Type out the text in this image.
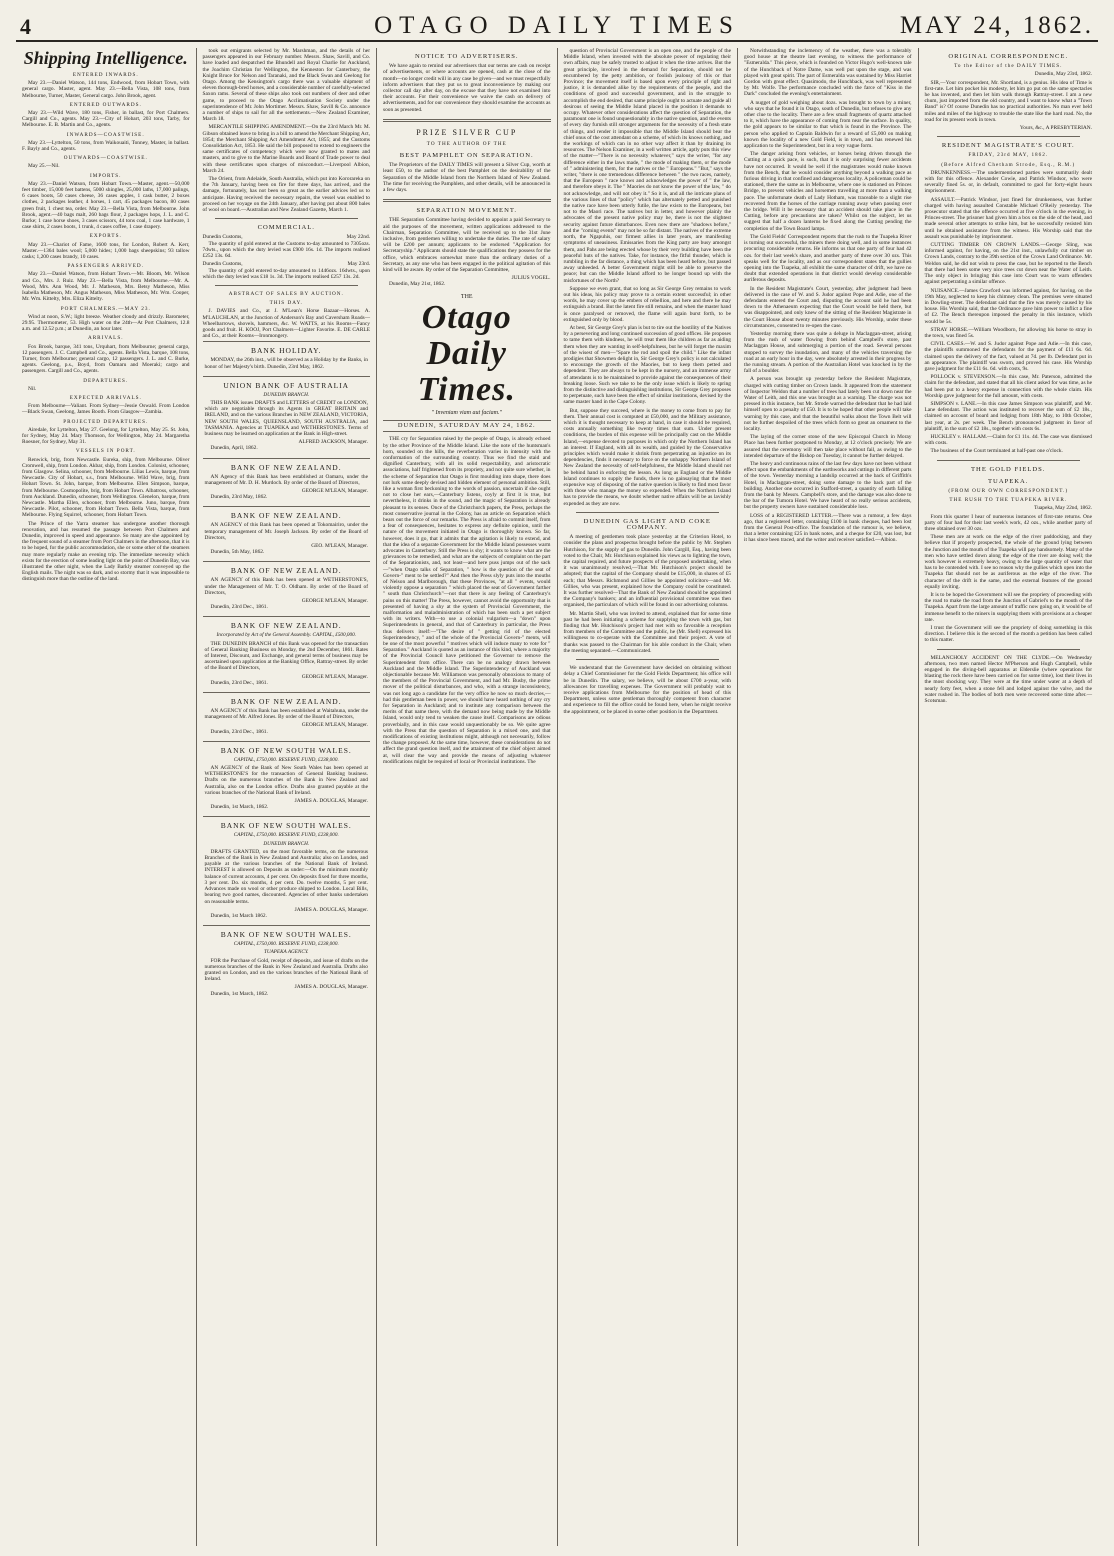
4	OTAGO DAILY TIMES	MAY 24, 1862.
Shipping Intelligence.
ENTERED INWARDS.

May 23.—Daniel Watson, 144 tons, Endwood, from Hobart Town, with general cargo. Master, agent. May 23.—Bella Vista, 108 tons, from Melbourne, Turner, Master, General cargo. John Brook, agent.

ENTERED OUTWARDS.

May 23.—Wild Wave, 180 tons, Fisher, in ballast, for Port Chalmers. Cargill and Co., agents. May 23.—City of Hobart, 203 tons, Tarby, for Melbourne. E. B. Martin and Co., agents.

INWARDS—COASTWISE.

May 23.—Lyttelton, 50 tons, from Waikouaiti, Tonney, Master, in ballast. F. Bayly and Co., agents.

OUTWARDS—COASTWISE.

May 25.—Nil.

IMPORTS.

May 23.—Daniel Watson, from Hobart Town.—Master, agent.—50,000 feet timber, 15,000 feet battens, 5000 shingles, 25,000 laths, 17,000 palings, 6 cases boots, 50 cases cheese, 36 cases apples, 1 cask butter, 2 boxes clothes, 2 packages leather, 4 horses, 1 cart, 45 packages bacon, 80 cases green fruit, 1 chest tea, order. May 23.—Bella Vista, from Melbourne. John Brook, agent.—40 bags malt, 260 bags flour, 2 packages hops, J. L. and C. Burke; 1 case horse shoes, 3 cases scissors, 44 tons coal, 1 case hardware, 1 case shirts, 2 cases boots, 1 trunk, 4 cases coffee, 1 case drapery.

EXPORTS.

May 23.—Chariot of Fame, 1600 tons, for London, Robert A. Kerr, Master.—1364 bales wool; 5,000 hides; 1,000 bags sheepskins; 93 tallow casks; 1,200 cases brandy, 10 cases.

PASSENGERS ARRIVED.

May 23.—Daniel Watson, from Hobart Town.—Mr. Bloom, Mr. Wilson and Co., Mrs. J. Ruiz. May 23.—Bella Vista, from Melbourne.—Mr. A. Wood, Mrs. Ann Wood, Mr. J. Matheson, Mrs. Betsy Matheson, Miss Isabella Matheson, Mr. Angus Matheson, Miss Matheson, Mr. Wm. Cooper, Mr. Wm. Kittelty, Mrs. Eliza Kittelty.

PORT CHALMERS.—MAY 23.

Wind at noon, S.W.; light breeze. Weather cloudy and drizzly. Barometer, 29.95. Thermometer, 53. High water on the 24th—At Port Chalmers, 12.8 a.m. and 12.52 p.m.; at Dunedin, an hour later.

ARRIVALS.

Fox Brook, barque, 341 tons, Urquhart, from Melbourne; general cargo, 12 passengers. J. C. Campbell and Co., agents. Bella Vista, barque, 108 tons, Turner, from Melbourne; general cargo, 12 passengers. J. L. and C. Burke, agents. Geelong, p.s., Boyd, from Oamaru and Moeraki; cargo and passengers. Cargill and Co., agents.

DEPARTURES.

Nil.

EXPECTED ARRIVALS.

From Melbourne—Valiant. From Sydney—Jessie Oswald. From London—Black Swan, Geelong, James Booth. From Glasgow—Zambia.

PROJECTED DEPARTURES.

Airedale, for Lyttelton, May 27. Geelong, for Lyttelton, May 25. St. John, for Sydney, May 24. Mary Thomson, for Wellington, May 24. Margaretha Roesner, for Sydney, May 31.

VESSELS IN PORT.

Renwick, brig, from Newcastle. Eureka, ship, from Melbourne. Oliver Cromwell, ship, from London. Akbar, ship, from London. Colonist, schooner, from Glasgow. Selina, schooner, from Melbourne. Lilias Lewis, barque, from Newcastle. City of Hobart, s.s., from Melbourne. Wild Wave, brig, from Hobart Town. St. John, barque, from Melbourne. Ellen Simpson, barque, from Melbourne. Cosmopolite, brig, from Hobart Town. Albatross, schooner, from Auckland. Dunedin, schooner, from Wellington. Glenelon, barque, from Newcastle. Martha Ellen, schooner, from Melbourne. Juno, barque, from Newcastle. Pilot, schooner, from Hobart Town. Bella Vista, barque, from Melbourne. Flying Squirrel, schooner, from Hobart Town.

The Prince of the Yarra steamer has undergone another thorough renovation, and has resumed the passage between Port Chalmers and Dunedin, improved in speed and appearance. So many are she appointed by the frequent sound of a steamer from Port Chalmers in the afternoon, that it is to be hoped, for the public accommodation, she or some other of the steamers may more regularly make an evening trip. The immediate necessity which exists for the erection of some leading light on the point of Dunedin Bay, was illustrated the other night, when the Lady Barkly steamer conveyed up the English mails. The night was so dark, and so stormy that it was impossible to distinguish more than the outline of the land.

took out emigrants selected by Mr. Marshman, and the details of her passengers appeared in our February number. Messrs. Shaw, Savill, and Co. have loaded and despatched the Bhundell and Royal Charlie for Auckland, the Joachim Christian for Wellington, the Kenneston for Canterbury, the Knight Bruce for Nelson and Taranaki, and the Black Swan and Geelong for Otago. Among the Kensington's cargo there was a valuable shipment of eleven thorough-bred horses, and a considerable number of carefully-selected Saxon rams. Several of these ships also took out numbers of deer and other game, to proceed to the Otago Acclimatisation Society under the superintendence of Mr. John Mortimer. Messrs. Shaw, Savill & Co. announce a number of ships to sail for all the settlements.—New Zealand Examiner, March 18.

MERCANTILE SHIPPING AMENDMENT.—On the 23rd March Mr. M. Gibson obtained leave to bring in a bill to amend the Merchant Shipping Act, 1854; the Merchant Shipping Act Amendment Act, 1855; and the Customs Consolidation Act, 1853. He said the bill proposed to extend to engineers the same certificates of competency which were now granted to mates and masters, and to give to the Marine Boards and Board of Trade power to deal with these certificates upon charges of misconduct.—Liverpool Albion, March 24.

The Orient, from Adelaide, South Australia, which put into Kororareka on the 7th January, having been on fire for three days, has arrived, and the damage, fortunately, has not been so great as the earlier advices led us to anticipate. Having received the necessary repairs, the vessel was enabled to proceed on her voyage on the 24th January, after having put about 800 bales of wool on board.—Australian and New Zealand Gazette, March 1.

COMMERCIAL.
Dunedin Customs,	May 22nd.

The quantity of gold entered at the Customs to-day amounted to 7305ozs. 7dwts., upon which the duty levied was £900 16s. 1d. The imports realised £252 13s. 6d.

Dunedin Customs,	May 23rd.

The quantity of gold entered to-day amounted to 1446ozs. 16dwts., upon which the duty levied was £18 1s. 3d. The imports realised £257 13s. 2d.

ABSTRACT OF SALES BY AUCTION.
THIS DAY.

J. DAVIES and Co., at J. M'Lean's Horse Bazaar—Horses. A. M'LAUCHLAN, at the Junction of Anderson's Bay and Caversham Roads—Wheelbarrows, shovels, hammers, &c. W. WATTS, at his Rooms—Fancy goods and fruit. H. KOOJ, Port Chalmers—Lighter Favorite. E. DE CARLE and Co., at their Rooms—Ironmongery.

BANK HOLIDAY.

MONDAY, the 26th inst., will be observed as a Holiday by the Banks, in honor of her Majesty's birth. Dunedin, 23rd May, 1862.

UNION BANK OF AUSTRALIA
DUNEDIN BRANCH.

THIS BANK issues DRAFTS and LETTERS of CREDIT on LONDON, which are negotiable through its Agents in GREAT BRITAIN and IRELAND, and on the various Branches in NEW ZEALAND, VICTORIA, NEW SOUTH WALES, QUEENSLAND, SOUTH AUSTRALIA, and TASMANIA. Agencies at TUAPEKA and WETHERSTONE'S. Terms of business may be learned on application at the Bank in High-street.

ALFRED JACKSON, Manager.

Dunedin, April, 1862.

BANK OF NEW ZEALAND.

AN Agency of this Bank has been established at Oamaru, under the management of Mr. D. H. Murdoch. By order of the Board of Directors,

GEORGE M'LEAN, Manager.

Dunedin, 23rd May, 1862.

BANK OF NEW ZEALAND.

AN AGENCY of this Bank has been opened at Tokomairiro, under the temporary management of Mr. Joseph Jackson. By order of the Board of Directors,

GEO. M'LEAN, Manager.

Dunedin, 5th May, 1862.

BANK OF NEW ZEALAND.

AN AGENCY of this Bank has been opened at WETHERSTONE'S, under the Management of Mr. T. O. Oldham. By order of the Board of Directors,

GEORGE M'LEAN, Manager.

Dunedin, 23rd Dec., 1861.

BANK OF NEW ZEALAND.
Incorporated by Act of the General Assembly. CAPITAL, £500,000.

THE DUNEDIN BRANCH of this Bank was opened for the transaction of General Banking Business on Monday, the 2nd December, 1861. Rates of Interest, Discount, and Exchange, and general terms of business may be ascertained upon application at the Banking Office, Rattray-street. By order of the Board of Directors,

GEORGE M'LEAN, Manager.

Dunedin, 23rd Dec., 1861.

BANK OF NEW ZEALAND.

AN AGENCY of this Bank has been established at Waitahuna, under the management of Mr. Alfred Jones. By order of the Board of Directors,

GEORGE M'LEAN, Manager.

Dunedin, 23rd Dec., 1861.

BANK OF NEW SOUTH WALES.
CAPITAL, £750,000. RESERVE FUND, £238,000.

AN AGENCY of the Bank of New South Wales has been opened at WETHERSTONE'S for the transaction of General Banking business. Drafts on the numerous branches of the Bank in New Zealand and Australia, also on the London office. Drafts also granted payable at the various branches of the National Bank of Ireland.

JAMES A. DOUGLAS, Manager.

Dunedin, 1st March, 1862.

BANK OF NEW SOUTH WALES.
CAPITAL, £750,000. RESERVE FUND, £238,000.
DUNEDIN BRANCH.

DRAFTS GRANTED, on the most favorable terms, on the numerous Branches of the Bank in New Zealand and Australia; also on London, and payable at the various branches of the National Bank of Ireland. INTEREST is allowed on Deposits as under:—On the minimum monthly balance of current accounts, 4 per cent. On deposits fixed for three months, 3 per cent. Do. six months, 4 per cent. Do. twelve months, 5 per cent. Advances made on wool or other produce shipped to London. Local Bills, bearing two good names, discounted. Agencies of other banks undertaken on reasonable terms.

JAMES A. DOUGLAS, Manager.

Dunedin, 1st March 1862.

BANK OF NEW SOUTH WALES.
CAPITAL, £750,000. RESERVE FUND, £238,000.
TUAPEKA AGENCY.

FOR the Purchase of Gold, receipt of deposits, and issue of drafts on the numerous branches of the Bank in New Zealand and Australia. Drafts also granted on London, and on the various branches of the National Bank of Ireland.

JAMES A. DOUGLAS, Manager.

Dunedin, 1st March, 1862.

NOTICE TO ADVERTISERS.

We have again to remind our advertisers that our terms are cash on receipt of advertisements, or where accounts are opened, cash at the close of the month—no longer credit will in any case be given—and we must respectfully inform advertisers that they put us to great inconvenience by making our collector call day after day, on the excuse that they have not examined into their accounts. For their convenience we waive the cash on delivery of advertisements, and for our convenience they should examine the accounts as soon as presented.

PRIZE SILVER CUP
TO THE AUTHOR OF THE
BEST PAMPHLET ON SEPARATION.

The Proprietors of the DAILY TIMES will present a Silver Cup, worth at least £50, to the author of the best Pamphlet on the desirability of the Separation of the Middle Island from the Northern Island of New Zealand. The time for receiving the Pamphlets, and other details, will be announced in a few days.

SEPARATION MOVEMENT.

THE Separation Committee having decided to appoint a paid Secretary to aid the purposes of the movement, written applications addressed to the Chairman, Separation Committee, will be received up to the 31st June inclusive, from gentlemen willing to undertake the duties. The rate of salary will be £200 per annum; applicants to be endorsed "Application for Secretaryship." Applicants should state the qualifications they possess for the office, which embraces somewhat more than the ordinary duties of a Secretary, as any one who has been engaged in the political agitation of this kind will be aware. By order of the Separation Committee,

JULIUS VOGEL.

Dunedin, May 21st, 1862.

THE
Otago Daily Times.
" Inveniam viam aut faciam."
DUNEDIN, SATURDAY MAY 24, 1862.

THE cry for Separation raised by the people of Otago, is already echoed by the other Province of the Middle Island. Like the note of the huntsman's horn, sounded on the hills, the reverberation varies in intensity with the conformation of the surrounding country. Thus we find the staid and dignified Canterbury, with all its solid respectability, and aristocratic associations, half frightened from its propriety, and not quite sure whether, in the scheme of Separation that Otago is first moulding into shape, there does not lurk some deeply devised and hidden element of personal ambition. Still, like a woman first beckoning to the words of passion, uncertain if she ought not to close her ears,—Canterbury listens, coyly at first it is true, but nevertheless, it drinks in the sound, and the magic of Separation is already pleasant to its senses. Once of the Christchurch papers, the Press, perhaps the most conservative journal in the Colony, has an article on Separation which bears out the force of our remarks. The Press is afraid to commit itself, from a fear of consequences, hesitates to express any definite opinion, until the nature of the movement initiated in Otago is thoroughly known. So far, however, does it go, that it admits that the agitation is likely to extend, and that the idea of a separate Government for the Middle Island possesses warm advocates in Canterbury. Still the Press is shy; it wants to know what are the grievances to be remedied, and what are the subjects of complaint on the part of the Separationists, and, not least—and here puss jumps out of the sack—"when Otago talks of Separation, " how is the question of the seat of Govern-" ment to be settled?" And then the Press slyly puts into the mouths of Nelson and Marlborough, that these Provinces, "at all " events, would violently oppose a separation " which placed the seat of Government farther " south than Christchurch"—not that there is any feeling of Canterbury's pains on this matter! The Press, however, cannot avoid the opportunity that is presented of having a shy at the system of Provincial Government, the malformation and maladministration of which has been such a pet subject with its writers. With—to use a colonial vulgarism—a "down" upon Superintendents in general, and that of Canterbury in particular, the Press thus delivers itself:—"The desire of " getting rid of the elected Superintendency, " and of the whole of the Provincial Govern-" ments, will be one of the most powerful " motives which will induce many to vote for " Separation." Auckland is quoted as an instance of this kind, where a majority of the Provincial Council have petitioned the Governor to remove the Superintendent from office. There can be no analogy drawn between Auckland and the Middle Island. The Superintendency of Auckland was objectionable because Mr. Williamson was personally obnoxious to many of the members of the Provincial Government, and had Mr. Busby, the prime mover of the political disturbances, and who, with a strange inconsistency, was not long ago a candidate for the very office he now so much decries,—had this gentleman been in power, we should have heard nothing of any cry for Separation in Auckland; and to institute any comparison between the merits of that name there, with the demand now being made by the Middle Island, would only tend to weaken the cause itself. Comparisons are odious proverbially, and in this case would unquestionably be so. We quite agree with the Press that the question of Separation is a mixed one, and that modifications of existing institutions might, although not necessarily, follow the change proposed. At the same time, however, these considerations do not affect the grand question itself, and the attainment of the chief object aimed at, will clear the way and provide the means of adjusting whatever modifications might be required of local or Provincial institutions. The

question of Provincial Government is an open one, and the people of the Middle Island, when invested with the absolute power of regulating their own affairs, may be safely trusted to adjust it when the time arrives. But the great principle, involved in the demand for Separation, should not be encumbered by the petty ambition, or foolish jealousy of this or that Province; the movement itself is based upon every principle of right and justice, it is demanded alike by the requirements of the people, and the conditions of good and successful government, and in the struggle to accomplish the end desired, that same principle ought to actuate and guide all desirous of seeing the Middle Island placed in the position it demands to occupy. Whatever other considerations affect the question of Separation, the paramount one is found unquestionably in the native question, and the events of every day furnish still stronger arguments for the necessity of a fresh state of things, and render it impossible that the Middle Island should bear the chief onus of the cost attendant on a scheme, of which its knows nothing, and the workings of which can in no other way affect it than by draining its resources. The Nelson Examiner, in a well written article, aptly puts this view of the matter—"There is no necessity whatever," says the writer, "for any difference either in the laws made, " the mode of making them, or the mode of " administering them, for the natives or the " Europeans." "But," says the writer, "there is one tremendous difference between " the two races, namely, that the European " race knows and acknowledges the power of " the law, and therefore obeys it. The " Maories do not know the power of the law, " do not acknowledge, and will not obey it." So it is, and all the intricate plans of the various lines of that "policy" which has alternately petted and punished the native race have been utterly futile, the law exists to the Europeans, but not to the Maori race. The natives but in letter, and however plainly the advocates of the present native policy may be, there is not the slightest security against future disturbances. Even now there are "shadows before," and the "coming events" may not be so far distant. The natives of the extreme north, the Ngapuhis, our firmest allies in later years, are manifesting symptoms of uneasiness. Emissaries from the King party are busy amongst them, and Pahs are being erected whose by their very building have been the peaceful huts of the natives. Take, for instance, the fitful thunder, which is rumbling in the far distance, a thing which has been heard before, but passed away unheeded. A better Government might still be able to preserve the peace; but can the Middle Island afford to be longer bound up with the misfortunes of the North?

Suppose we even grant, that so long as Sir George Grey remains to work out his ideas, his policy may prove to a certain extent successful; in other words, he may cover up the embers of rebellion, and here and there he may extinguish a brand. But the latent fire still remains, and when the master hand is once paralysed or removed, the flame will again burst forth, to be extinguished only by blood.

At best, Sir George Grey's plan is but to tire out the hostility of the Natives by a persevering and long continued succession of good offices. He proposes to tame them with kindness, he will treat them like children as far as aiding them when they are wanting in self-helpfulness, but he will forget the maxim of the wisest of men—"Spare the rod and spoil the child." Like the infant prodigies that Showmen delight in, Sir George Grey's policy is not calculated to encourage the growth of the Maories, but to keep them petted and dependent. They are always to be kept in the nursery, and an immense army of attendants is to be maintained to provide against the consequences of their breaking loose. Such we take to be the only issue which is likely to spring from the distinctive and distinguishing institutions, Sir George Grey proposes to perpetuate, such have been the effect of similar institutions, devised by the same master hand in the Cape Colony.

But, suppose they succeed, where is the money to come from to pay for them. Their annual cost is computed at £50,000, and the Military assistance, which it is thought necessary to keep at hand, in case it should be required, costs annually something like twenty times that sum. Under present conditions, the burden of this expense will be principally cast on the Middle Island,—expense devoted to purposes in which only the Northern Island has an interest. If England, with all its wealth, and guided by the Conservative principles which would make it shrink from perpetrating an injustice on its dependencies, finds it necessary to force on the unhappy Northern Island of New Zealand the necessity of self-helpfulness, the Middle Island should not be behind hand in enforcing the lesson. As long as England or the Middle Island continues to supply the funds, there is no gainsaying that the most expensive way of disposing of the native question is likely to find most favor with those who manage the money so expended. When the Northern Island has to provide the means, we doubt whether native affairs will be as lavishly expended as they are now.

DUNEDIN GAS LIGHT AND COKE COMPANY.

A meeting of gentlemen took place yesterday at the Criterion Hotel, to consider the plans and prospectus brought before the public by Mr. Stephen Hutchison, for the supply of gas to Dunedin. John Cargill, Esq., having been voted to the Chair, Mr. Hutchison explained his views as to lighting the town, the capital required, and future prospects of the proposed undertaking, when it was unanimously resolved,—That Mr. Hutchison's project should be adopted; that the capital of the Company should be £15,000, in shares of £5 each; that Messrs. Richmond and Gillies be appointed solicitors—and Mr. Gillies, who was present, explained how the Company could be constituted. It was further resolved—That the Bank of New Zealand should be appointed the Company's bankers; and an influential provisional committee was then organised, the particulars of which will be found in our advertising columns.

Mr. Martin Shell, who was invited to attend, explained that for some time past he had been initiating a scheme for supplying the town with gas, but finding that Mr. Hutchison's project had met with so favorable a reception from members of the Committee and the public, he (Mr. Shell) expressed his willingness to co-operate with the Committee and their project. A vote of thanks was passed to the Chairman for his able conduct in the Chair, when the meeting separated.—Communicated.

We understand that the Government have decided on obtaining without delay a Chief Commissioner for the Gold Fields Department; his office will be in Dunedin. The salary, we believe, will be about £700 a-year, with allowances for travelling expenses. The Government will probably wait to receive applications from Melbourne for the position of head of this Department, unless some gentleman thoroughly competent from character and experience to fill the office could be found here, when he might receive the appointment, or be placed in some other position in the Department.

Notwithstanding the inclemency of the weather, there was a tolerably good house at the theatre last evening, to witness the performance of "Esmeralda." This piece, which is founded on Victor Hugo's well-known tale of the Hunchback of Notre Dame, was well put upon the stage, and was played with great spirit. The part of Esmeralda was sustained by Miss Harriet Gordon with great effect. Quasimodo, the Hunchback, was well represented by Mr. Wolfe. The performance concluded with the farce of "Kiss in the Dark" concluded the evening's entertainment.

A nugget of gold weighing about 4ozs. was brought to town by a miner, who says that he found it in Otago, south of Dunedin, but refuses to give any other clue to the locality. There are a few small fragments of quartz attached to it, which have the appearance of coming from near the surface. In quality, the gold appears to be similar to that which is found in the Province. The person who applied to Captain Baldwin for a reward of £5,000 on making known the locality of a new Gold Field, is in town, and has renewed his application to the Superintendent, but in a very vague form.

The danger arising from vehicles, or horses being driven through the Cutting at a quick pace, is such, that it is only surprising fewer accidents have not occurred. It would be well if the magistrates would make known from the Bench, that he would consider anything beyond a walking pace as furious driving in that confined and dangerous locality. A policeman could be stationed, there the same as in Melbourne, where one is stationed on Princes Bridge, to prevent vehicles and horsemen travelling at more than a walking pace. The unfortunate death of Lady Hotham, was traceable to a slight rise recovered from the horses of the carriage running away when passing over the bridge. Will it be necessary that an accident should take place in the Cutting, before any precautions are taken? Whilst on the subject, let us suggest that half a dozen lanterns be fixed along the Cutting pending the completion of the Town Board lamps.

The Gold Fields' Correspondent reports that the rush to the Tuapeka River is turning out successful, the miners there doing well, and in some instances procuring considerable returns. He informs us that one party of four had 42 ozs. for their last week's share, and another party of three over 30 ozs. This speaks well for the locality, and as our correspondent states that the gullies opening into the Tuapeka, all exhibit the same character of drift, we have no doubt that extended operations in that district would develop considerable auriferous deposits.

In the Resident Magistrate's Court, yesterday, after judgment had been delivered in the case of W. and S. Judor against Pope and Adie, one of the defendants entered the Court and, disputing the account said he had been down to the Athenaeum expecting that the Court would be held there, but was disappointed, and only knew of the sitting of the Resident Magistrate in the Court House about twenty minutes previously. His Worship, under these circumstances, consented to re-open the case.

Yesterday morning there was quite a deluge in Maclaggan-street, arising from the rush of water flowing from behind Campbell's store, past Maclaggan House, and submerging a portion of the road. Several persons stopped to survey the inundation, and many of the vehicles traversing the road at an early hour in the day, were absolutely arrested in their progress by the running stream. A portion of the Australian Hotel was knocked in by the fall of a boulder.

A person was brought up yesterday before the Resident Magistrate, charged with cutting timber on Crown lands. It appeared from the statement of Inspector Weldon that a number of trees had lately been cut down near the Water of Leith, and this one was brought as a warning. The charge was not pressed in this instance, but Mr. Strode warned the defendant that he had laid himself open to a penalty of £50. It is to be hoped that other people will take warning by this case, and that the beautiful walks about the Town Belt will not be further despoiled of the trees which form so great an ornament to the locality.

The laying of the corner stone of the new Episcopal Church in Moray Place has been further postponed to Monday, at 12 o'clock precisely. We are assured that the ceremony will then take place without fail, as owing to the intended departure of the Bishop on Tuesday, it cannot be further delayed.

The heavy and continuous rains of the last few days have not been without effect upon the embankments of the earthworks and cuttings in different parts of the town. Yesterday morning a landslip occurred at the back of Griffith's Hotel, in Maclaggan-street, doing some damage to the back part of the building. Another one occurred in Stafford-street, a quantity of earth falling from the bank by Messrs. Campbell's store, and the damage was also done to the bar of the Tumora Hotel. We have heard of no really serious accidents, but the property owners have sustained considerable loss.

LOSS of a REGISTERED LETTER.—There was a rumour, a few days ago, that a registered letter, containing £100 in bank cheques, had been lost from the General Post-office. The foundation of the rumour is, we believe, that a letter containing £25 in bank notes, and a cheque for £20, was lost, but it has since been traced, and the writer and receiver satisfied.—Albion.

ORIGINAL CORRESPONDENCE.
To the Editor of the DAILY TIMES.

Dunedin, May 23rd, 1862.

SIR,—Your correspondent, Mr. Shortland, is a genius. His idea of Time is first-rate. Let him pocket his modesty, let him go put on the same spectacles he has invented, and then let him walk through Rattray-street. I am a new chum, just imported from the old country, and I want to know what a "Town Band" is? Of course Dunedin has no practical authorities. No man ever held miles and miles of the highway to trouble the state like the hard road. No, the road for its present work in town.

Yours, &c., A PRESBYTERIAN.

RESIDENT MAGISTRATE'S COURT.
FRIDAY, 23rd MAY, 1862.
(Before Alfred Chetham Strode, Esq., R.M.)

DRUNKENNESS.—The undermentioned parties were summarily dealt with for this offence. Alexander Cowie, and Patrick Windsor, who were severally fined 5s. or, in default, committed to gaol for forty-eight hours imprisonment.

ASSAULT.—Patrick Windsor, just fined for drunkenness, was further charged with having assaulted Constable Michael O'Reily yesterday. The prosecutor stated that the offence occurred at five o'clock in the evening, in Princes-street. The prisoner had given him a box on the side of the head, and made several other attempts to strike him, but he successfully resisted him until he obtained assistance from the witness. His Worship said that the assault was punishable by imprisonment.

CUTTING TIMBER ON CROWN LANDS.—George Sling, was informed against, for having, on the 21st inst., unlawfully cut timber on Crown Lands, contrary to the 39th section of the Crown Land Ordinance. Mr. Weldon said, he did not wish to press the case, but he reported to the Bench that there had been some very nice trees cut down near the Water of Leith. The only object in bringing this case into Court was to warn offenders against perpetrating a similar offence.

NUISANCE.—James Crawford was informed against, for having, on the 19th May, neglected to keep his chimney clean. The premises were situated in Dowling-street. The defendant said that the fire was merely caused by his house. His Worship said, that the Ordinance gave him power to inflict a fine of £2. The Bench thereupon imposed the penalty in this instance, which would be 5s.

STRAY HORSE.—William Woodborn, for allowing his horse to stray in the town, was fined 5s.

CIVIL CASES.—W. and S. Judor against Pope and Adie.—In this case, the plaintiffs summoned the defendants for the payment of £11 6s. 6d. claimed upon the delivery of the fact, valued at 7d. per lb. Defendant put in an appearance. The plaintiff was sworn, and proved his case. His Worship gave judgment for the £11 6s. 6d. with costs, 9s.

POLLOCK v. STEVENSON.—In this case, Mr. Paterson, admitted the claim for the defendant, and stated that all his client asked for was time, as he had been put to a heavy expense in connection with the whole claim. His Worship gave judgment for the full amount, with costs.

SIMPSON v. LANE.—In this case James Simpson was plaintiff, and Mr. Lane defendant. The action was instituted to recover the sum of £2 18s., claimed on account of board and lodging from 18th May, to 10th October, last year, at 2s. per week. The Bench pronounced judgment in favor of plaintiff, in the sum of £2 18s., together with costs 6s.

HUCKLEY v. HALLAM.—Claim for £1 11s. 4d. The case was dismissed with costs.

The business of the Court terminated at half-past one o'clock.

THE GOLD FIELDS.
TUAPEKA.
(FROM OUR OWN CORRESPONDENT.)
THE RUSH TO THE TUAPEKA RIVER.

Tuapeka, May 22nd, 1862.

From this quarter I hear of numerous instances of first-rate returns. One party of four had for their last week's work, 42 ozs., while another party of three obtained over 30 ozs.

These men are at work on the edge of the river paddocking, and they believe that if properly prospected, the whole of the ground lying between the Junction and the mouth of the Tuapeka will pay handsomely. Many of the men who have settled down along the edge of the river are doing well; the work however is extremely heavy, owing to the large quantity of water that has to be contended with. I see no reason why the gullies which open into the Tuapeka flat should not be as auriferous as the edge of the river. The character of the drift is the same, and the external features of the ground equally inviting.

It is to be hoped the Government will see the propriety of proceeding with the road to make the road from the Junction of Gabriel's to the mouth of the Tuapeka. Apart from the large amount of traffic now going on, it would be of immense benefit to the miners in supplying them with provisions at a cheaper rate.

I trust the Government will see the propriety of doing something in this direction. I believe this is the second of the month a petition has been called to this matter.

MELANCHOLY ACCIDENT ON THE CLYDE.—On Wednesday afternoon, two men named Hector M'Pherson and Hugh Campbell, while engaged in the diving-bell apparatus at Elderslie (where operations for blasting the rock there have been carried on for some time), lost their lives in the most shocking way. They were at the time under water at a depth of nearly forty feet, when a stone fell and lodged against the valve, and the water rushed in. The bodies of both men were recovered some time after.—Scotsman.
